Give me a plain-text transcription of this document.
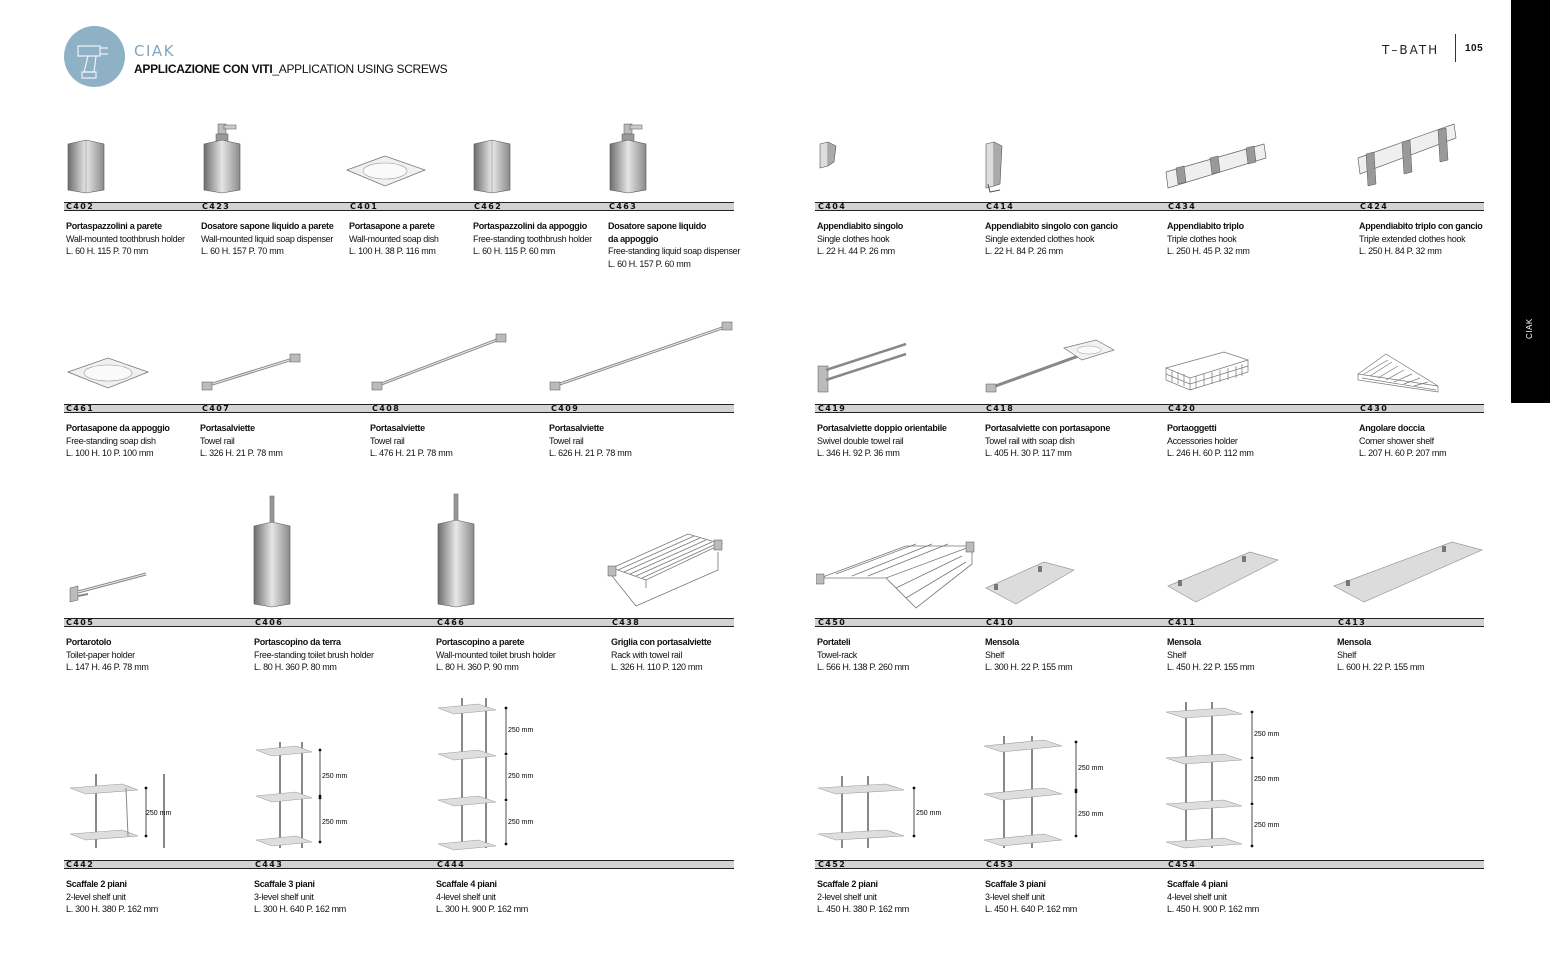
CIAK
APPLICAZIONE CON VITI_APPLICATION USING SCREWS
T–BATH	105
CIAK
C402
Portaspazzolini a parete
Wall-mounted toothbrush holder
L. 60 H. 115 P. 70 mm
C423
Dosatore sapone liquido a parete
Wall-mounted liquid soap dispenser
L. 60 H. 157 P. 70 mm
C401
Portasapone a parete
Wall-mounted soap dish
L. 100 H. 38 P. 116 mm
C462
Portaspazzolini da appoggio
Free-standing toothbrush holder
L. 60 H. 115 P. 60 mm
C463
Dosatore sapone liquido
da appoggio
Free-standing liquid soap dispenser
L. 60 H. 157 P. 60 mm
C404
Appendiabito singolo
Single clothes hook
L. 22 H. 44 P. 26 mm
C414
Appendiabito singolo con gancio
Single extended clothes hook
L. 22 H. 84 P. 26 mm
C434
Appendiabito triplo
Triple clothes hook
L. 250 H. 45 P. 32 mm
C424
Appendiabito triplo con gancio
Triple extended clothes hook
L. 250 H. 84 P. 32 mm
C461
Portasapone da appoggio
Free-standing soap dish
L. 100 H. 10 P. 100 mm
C407
Portasalviette
Towel rail
L. 326 H. 21 P. 78 mm
C408
Portasalviette
Towel rail
L. 476 H. 21 P. 78 mm
C409
Portasalviette
Towel rail
L. 626 H. 21 P. 78 mm
C419
Portasalviette doppio orientabile
Swivel double towel rail
L. 346 H. 92 P. 36 mm
C418
Portasalviette con portasapone
Towel rail with soap dish
L. 405 H. 30 P. 117 mm
C420
Portaoggetti
Accessories holder
L. 246 H. 60 P. 112 mm
C430
Angolare doccia
Corner shower shelf
L. 207 H. 60 P. 207 mm
C405
Portarotolo
Toilet-paper holder
L. 147 H. 46 P. 78 mm
C406
Portascopino da terra
Free-standing toilet brush holder
L. 80 H. 360 P. 80 mm
C466
Portascopino a parete
Wall-mounted toilet brush holder
L. 80 H. 360 P. 90 mm
C438
Griglia con portasalviette
Rack with towel rail
L. 326 H. 110 P. 120 mm
C450
Portateli
Towel-rack
L. 566 H. 138 P. 260 mm
C410
Mensola
Shelf
L. 300 H. 22 P. 155 mm
C411
Mensola
Shelf
L. 450 H. 22 P. 155 mm
C413
Mensola
Shelf
L. 600 H. 22 P. 155 mm
250 mm
C442
Scaffale 2 piani
2-level shelf unit
L. 300 H. 380 P. 162 mm
250 mm
250 mm
C443
Scaffale 3 piani
3-level shelf unit
L. 300 H. 640 P. 162 mm
250 mm
250 mm
250 mm
C444
Scaffale 4 piani
4-level shelf unit
L. 300 H. 900 P. 162 mm
250 mm
C452
Scaffale 2 piani
2-level shelf unit
L. 450 H. 380 P. 162 mm
250 mm
250 mm
C453
Scaffale 3 piani
3-level shelf unit
L. 450 H. 640 P. 162 mm
250 mm
250 mm
250 mm
C454
Scaffale 4 piani
4-level shelf unit
L. 450 H. 900 P. 162 mm
